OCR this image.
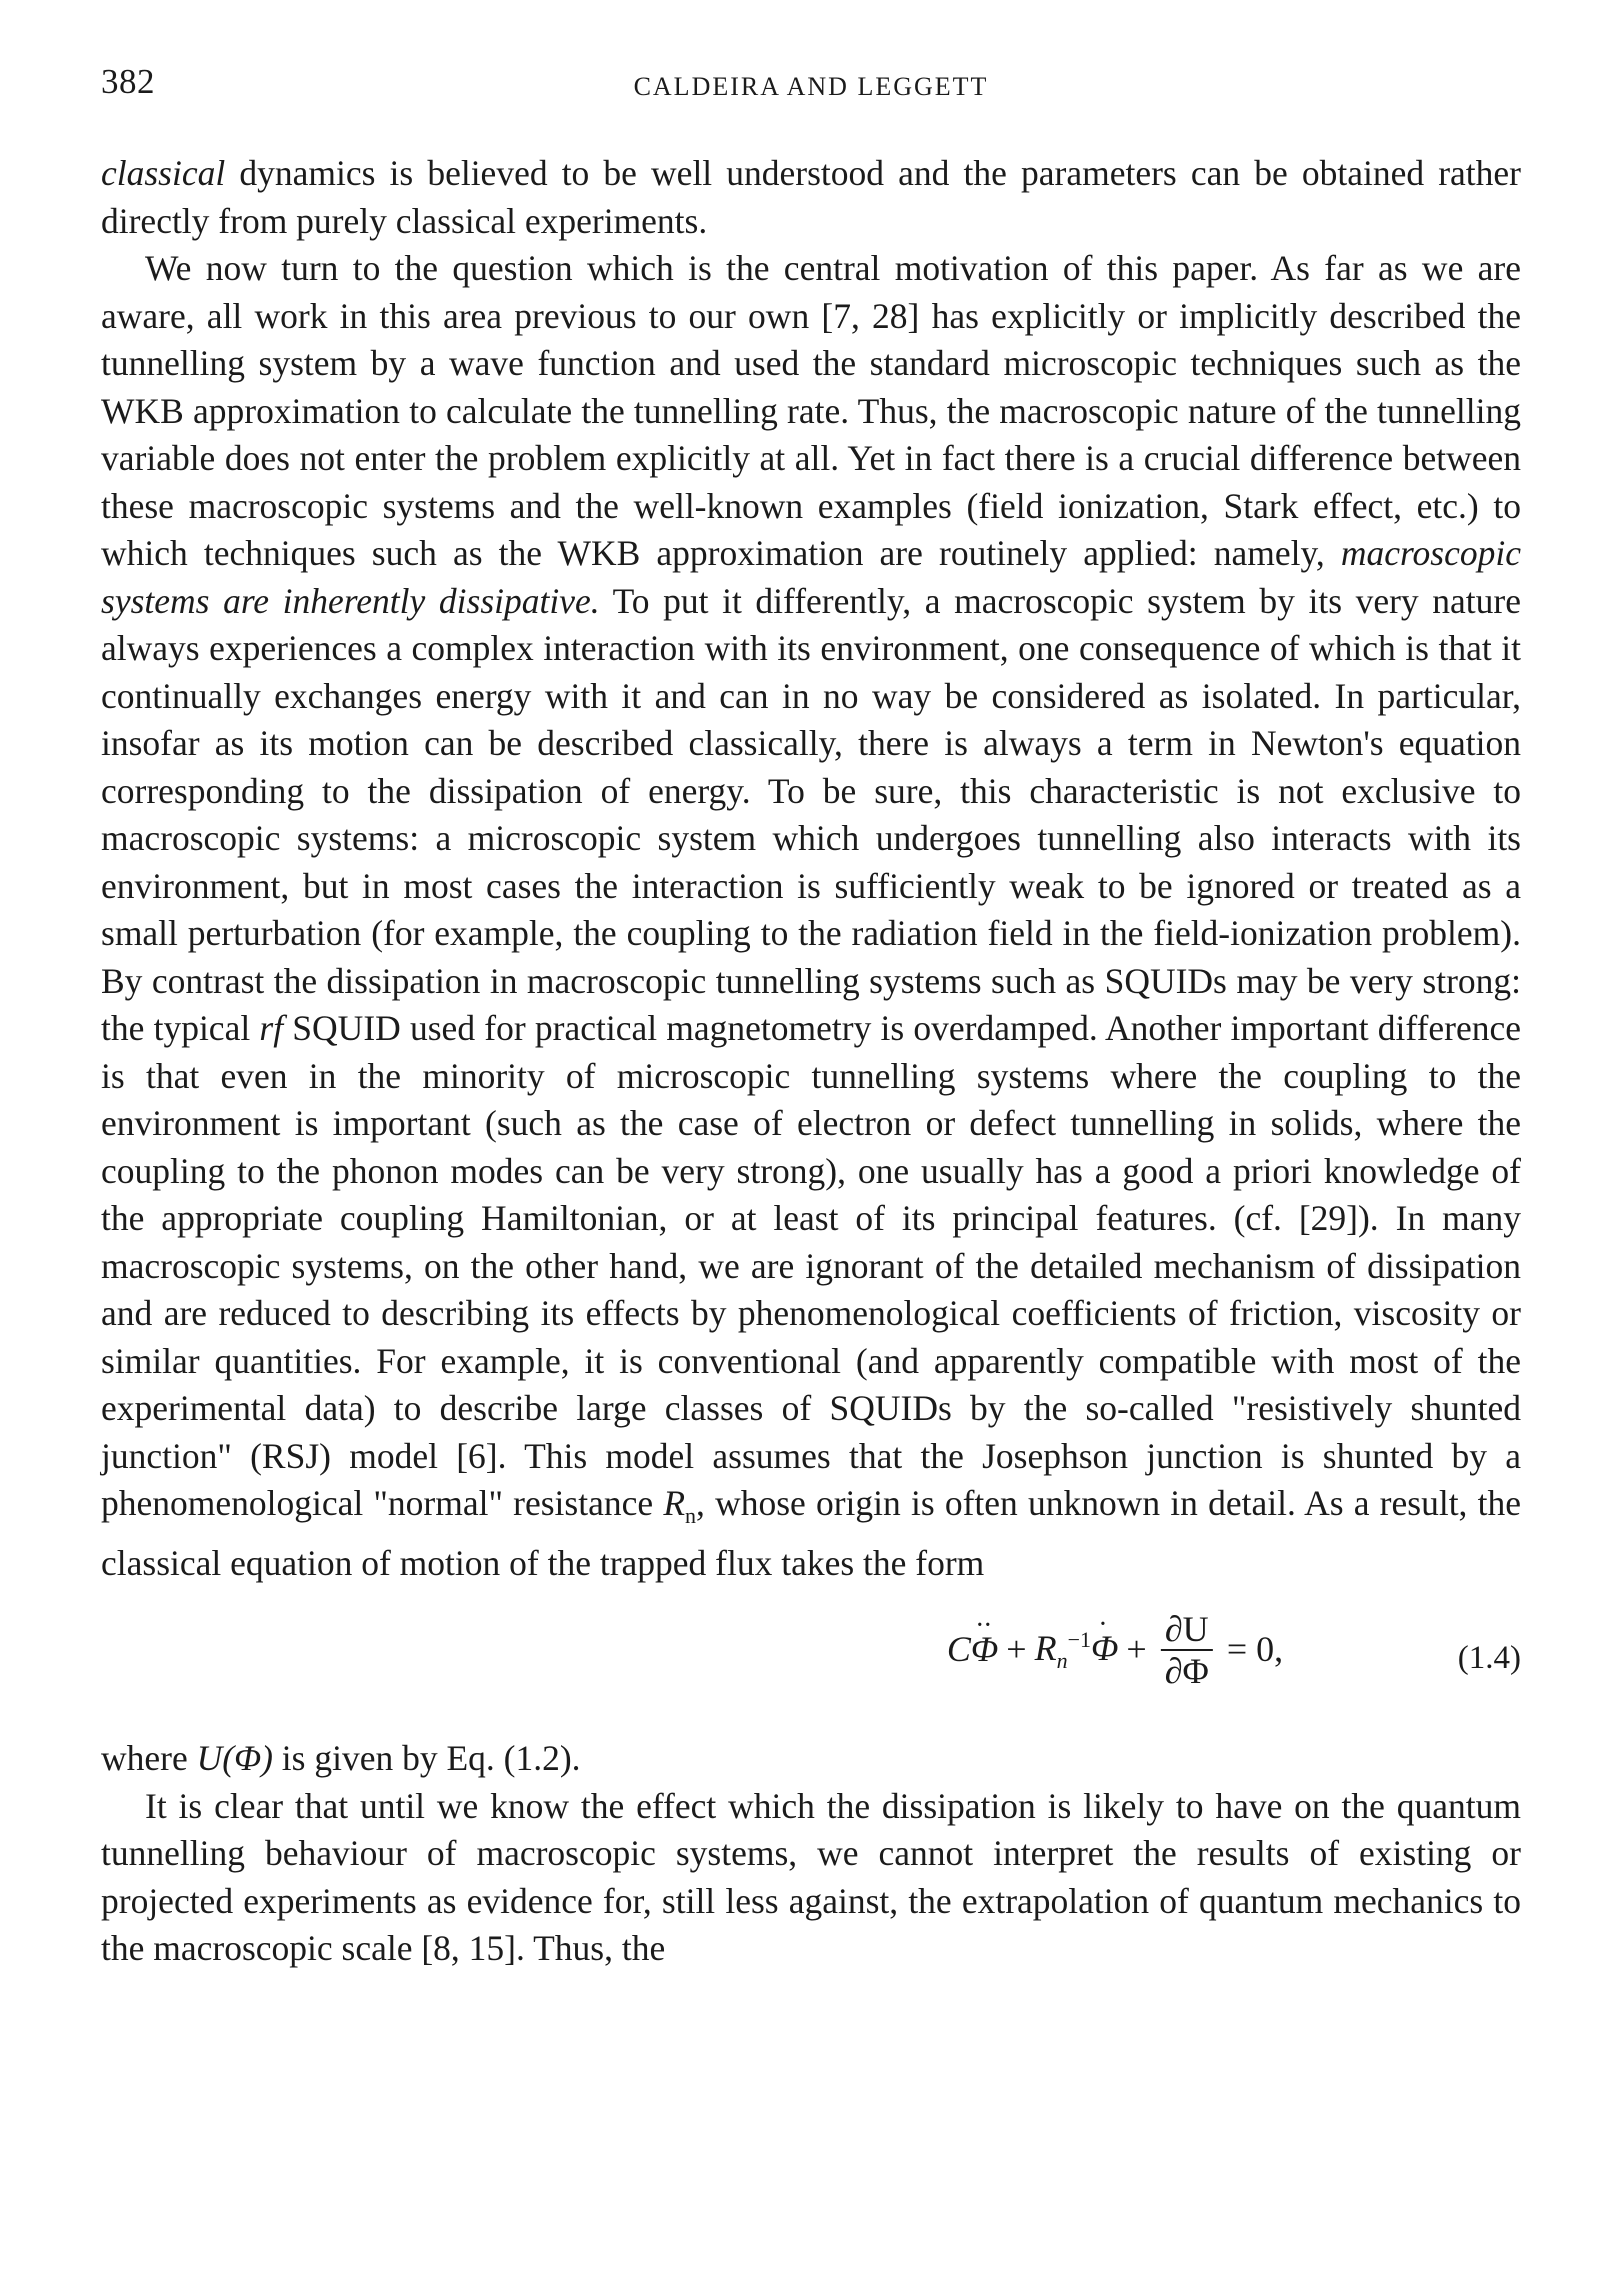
382	CALDEIRA AND LEGGETT

classical dynamics is believed to be well understood and the parameters can be obtained rather directly from purely classical experiments.

We now turn to the question which is the central motivation of this paper. As far as we are aware, all work in this area previous to our own [7, 28] has explicitly or implicitly described the tunnelling system by a wave function and used the standard microscopic techniques such as the WKB approximation to calculate the tunnelling rate. Thus, the macroscopic nature of the tunnelling variable does not enter the problem explicitly at all. Yet in fact there is a crucial difference between these macroscopic systems and the well-known examples (field ionization, Stark effect, etc.) to which techniques such as the WKB approximation are routinely applied: namely, macroscopic systems are inherently dissipative. To put it differently, a macroscopic system by its very nature always experiences a complex interaction with its environment, one consequence of which is that it continually exchanges energy with it and can in no way be considered as isolated. In particular, insofar as its motion can be described classically, there is always a term in Newton's equation corresponding to the dissipation of energy. To be sure, this characteristic is not exclusive to macroscopic systems: a microscopic system which undergoes tunnelling also interacts with its environment, but in most cases the interaction is sufficiently weak to be ignored or treated as a small perturbation (for example, the coupling to the radiation field in the field-ionization problem). By contrast the dissipation in macroscopic tunnelling systems such as SQUIDs may be very strong: the typical rf SQUID used for practical magnetometry is overdamped. Another important difference is that even in the minority of microscopic tunnelling systems where the coupling to the environment is important (such as the case of electron or defect tunnelling in solids, where the coupling to the phonon modes can be very strong), one usually has a good a priori knowledge of the appropriate coupling Hamiltonian, or at least of its principal features. (cf. [29]). In many macroscopic systems, on the other hand, we are ignorant of the detailed mechanism of dissipation and are reduced to describing its effects by phenomenological coefficients of friction, viscosity or similar quantities. For example, it is conventional (and apparently compatible with most of the experimental data) to describe large classes of SQUIDs by the so-called "resistively shunted junction" (RSJ) model [6]. This model assumes that the Josephson junction is shunted by a phenomenological "normal" resistance $R_n$, whose origin is often unknown in detail. As a result, the classical equation of motion of the trapped flux takes the form

$C\cdot\cdot \Phi + R_n^{-1}\cdot \Phi + \frac{\partial U}{\partial\Phi} = 0$,	(1.4)

where U(Φ) is given by Eq. (1.2).

It is clear that until we know the effect which the dissipation is likely to have on the quantum tunnelling behaviour of macroscopic systems, we cannot interpret the results of existing or projected experiments as evidence for, still less against, the extrapolation of quantum mechanics to the macroscopic scale [8, 15]. Thus, the
